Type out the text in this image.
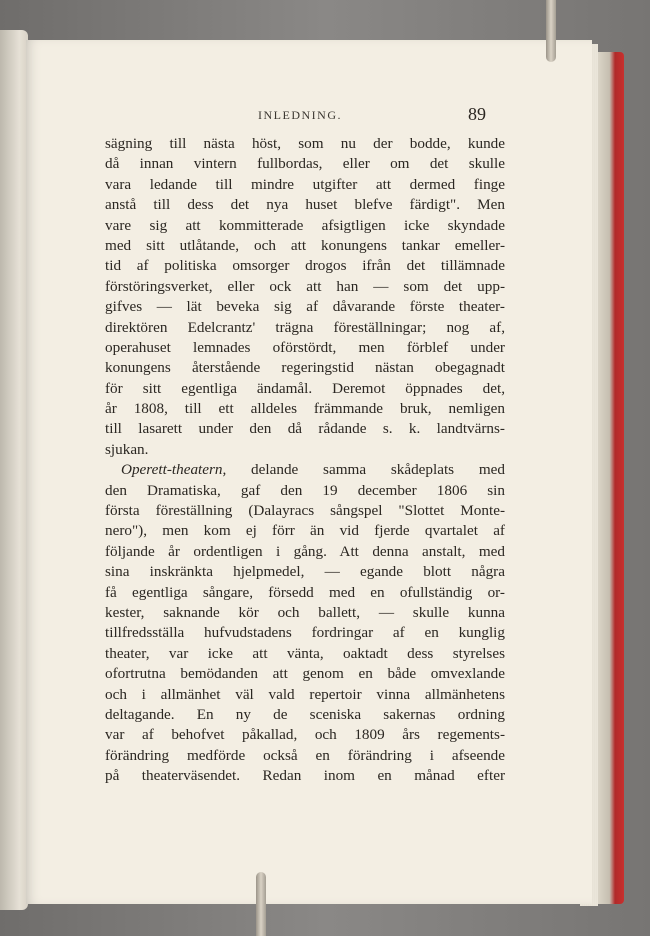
INLEDNING.	89
sägning till nästa höst, som nu der bodde, kunde
då innan vintern fullbordas, eller om det skulle
vara ledande till mindre utgifter att dermed finge
anstå till dess det nya huset blefve färdigt". Men
vare sig att kommitterade afsigtligen icke skyndade
med sitt utlåtande, och att konungens tankar emeller-
tid af politiska omsorger drogos ifrån det tillämnade
förstöringsverket, eller ock att han — som det upp-
gifves — lät beveka sig af dåvarande förste theater-
direktören Edelcrantz' trägna föreställningar; nog af,
operahuset lemnades oförstördt, men förblef under
konungens återstående regeringstid nästan obegagnadt
för sitt egentliga ändamål. Deremot öppnades det,
år 1808, till ett alldeles främmande bruk, nemligen
till lasarett under den då rådande s. k. landtvärns-
sjukan.
Operett-theatern, delande samma skådeplats med
den Dramatiska, gaf den 19 december 1806 sin
första föreställning (Dalayracs sångspel "Slottet Monte-
nero"), men kom ej förr än vid fjerde qvartalet af
följande år ordentligen i gång. Att denna anstalt, med
sina inskränkta hjelpmedel, — egande blott några
få egentliga sångare, försedd med en ofullständig or-
kester, saknande kör och ballett, — skulle kunna
tillfredsställa hufvudstadens fordringar af en kunglig
theater, var icke att vänta, oaktadt dess styrelses
ofortrutna bemödanden att genom en både omvexlande
och i allmänhet väl vald repertoir vinna allmänhetens
deltagande. En ny de sceniska sakernas ordning
var af behofvet påkallad, och 1809 års regements-
förändring medförde också en förändring i afseende
på theaterväsendet. Redan inom en månad efter
